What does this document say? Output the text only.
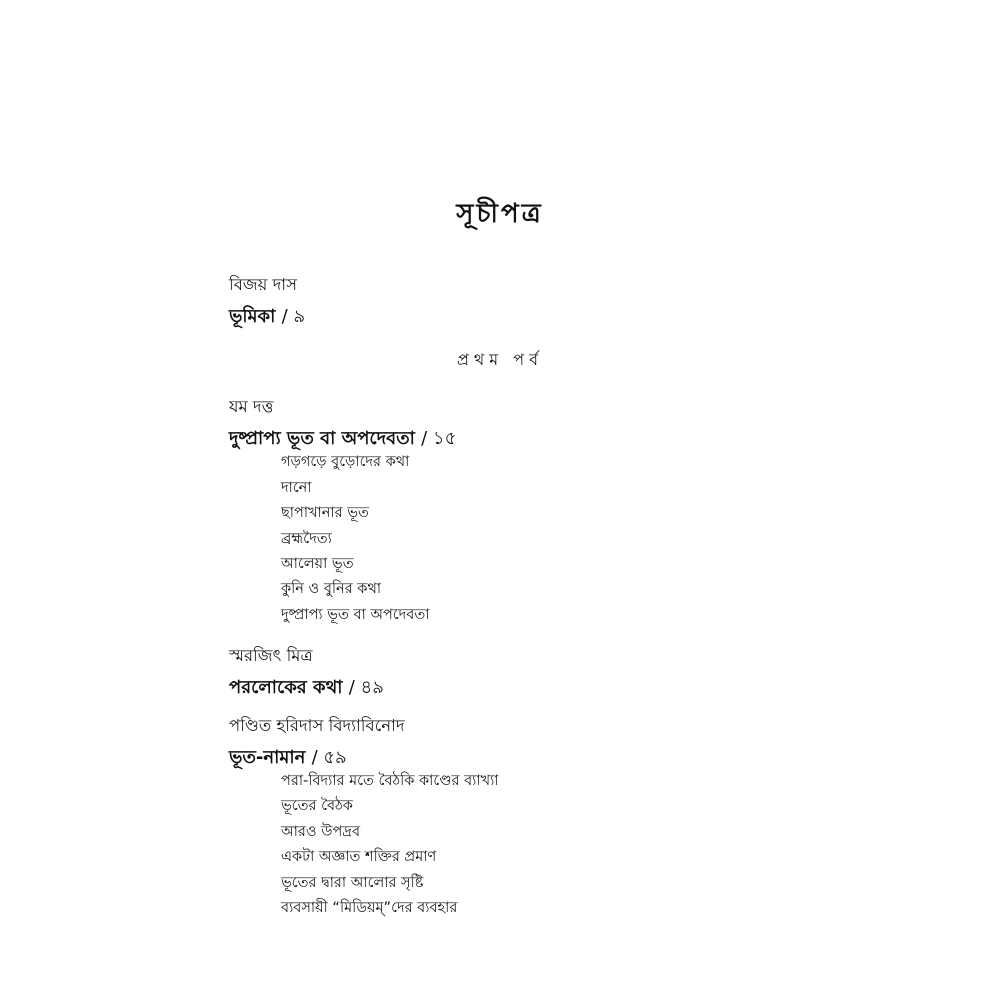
সূচীপত্র
বিজয় দাস
ভূমিকা / ৯
প্রথম পর্ব
যম দত্ত
দুষ্প্রাপ্য ভূত বা অপদেবতা / ১৫
গড়গড়ে বুড়োদের কথা
দানো
ছাপাখানার ভূত
ব্রহ্মদৈত্য
আলেয়া ভূত
কুনি ও বুনির কথা
দুষ্প্রাপ্য ভূত বা অপদেবতা
স্মরজিৎ মিত্র
পরলোকের কথা / ৪৯
পণ্ডিত হরিদাস বিদ্যাবিনোদ
ভূত-নামান / ৫৯
পরা-বিদ্যার মতে বৈঠকি কাণ্ডের ব্যাখ্যা
ভূতের বৈঠক
আরও উপদ্রব
একটা অজ্ঞাত শক্তির প্রমাণ
ভূতের দ্বারা আলোর সৃষ্টি
ব্যবসায়ী “মিডিয়ম্”দের ব্যবহার
